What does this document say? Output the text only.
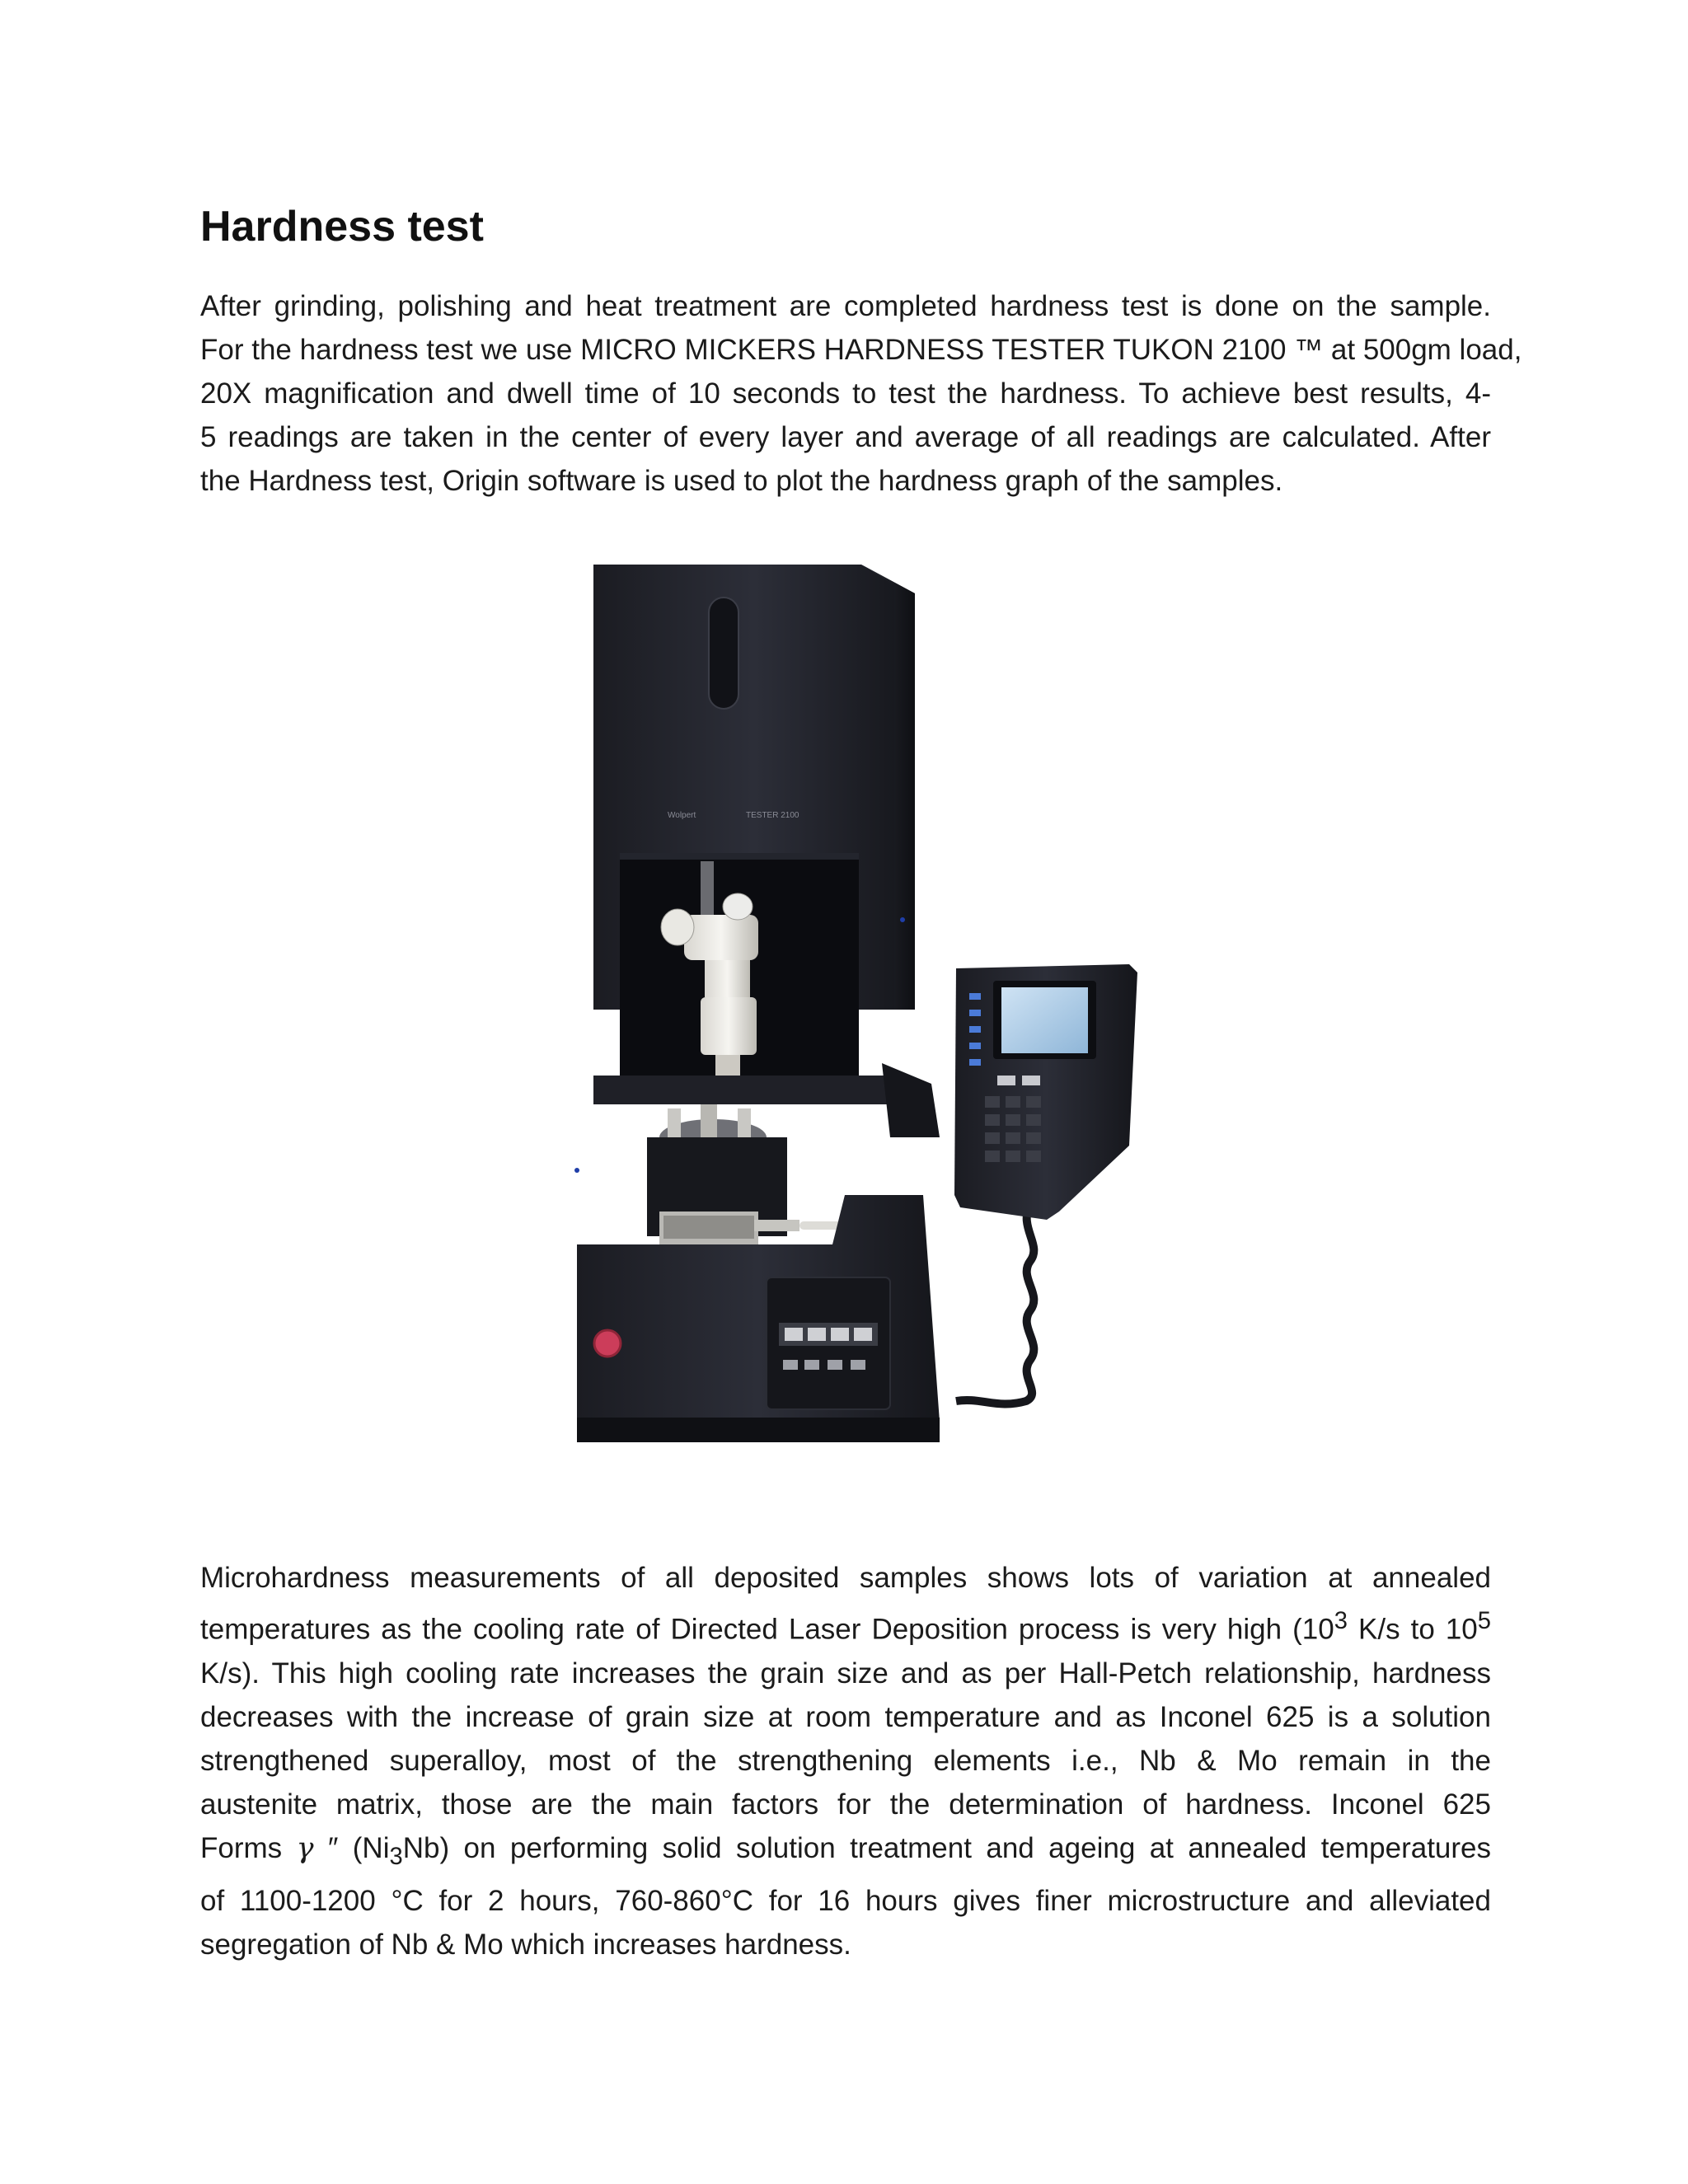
Hardness test
After grinding, polishing and heat treatment are completed hardness test is done on the sample.
For the hardness test we use MICRO MICKERS HARDNESS TESTER TUKON 2100 ™ at 500gm load,
20X magnification and dwell time of 10 seconds to test the hardness. To achieve best results, 4-
5 readings are taken in the center of every layer and average of all readings are calculated. After
the Hardness test, Origin software is used to plot the hardness graph of the samples.
Wolpert	TESTER 2100
Microhardness measurements of all deposited samples shows lots of variation at annealed
temperatures as the cooling rate of Directed Laser Deposition process is very high ($10^3$ K/s to $10^5$
K/s). This high cooling rate increases the grain size and as per Hall-Petch relationship, hardness
decreases with the increase of grain size at room temperature and as Inconel 625 is a solution
strengthened superalloy, most of the strengthening elements i.e., Nb & Mo remain in the
austenite matrix, those are the main factors for the determination of hardness. Inconel 625
Forms γ ″ $(Ni_3Nb)$ on performing solid solution treatment and ageing at annealed temperatures
of 1100-1200 °C for 2 hours, 760-860°C for 16 hours gives finer microstructure and alleviated
segregation of Nb & Mo which increases hardness.
